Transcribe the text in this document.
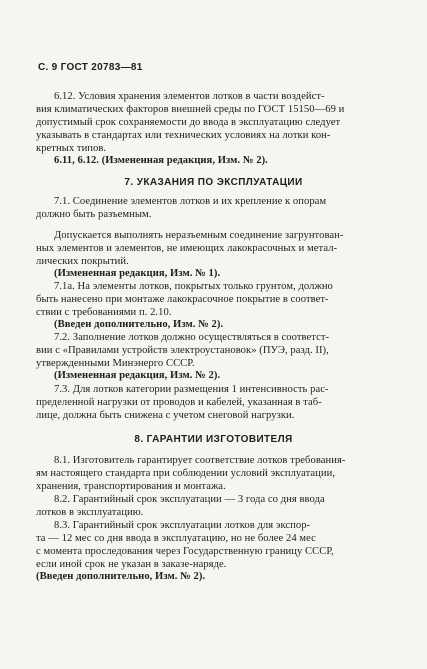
С. 9 ГОСТ 20783—81
6.12. Условия хранения элементов лотков в части воздейст-
вия климатических факторов внешней среды по ГОСТ 15150—69 и
допустимый срок сохраняемости до ввода в эксплуатацию следует
указывать в стандартах или технических условиях на лотки кон-
кретных типов.
6.11, 6.12. (Измененная редакция, Изм. № 2).
7. УКАЗАНИЯ ПО ЭКСПЛУАТАЦИИ
7.1. Соединение элементов лотков и их крепление к опорам
должно быть разъемным.
Допускается выполнять неразъемным соединение загрунтован-
ных элементов и элементов, не имеющих лакокрасочных и метал-
лических покрытий.
(Измененная редакция, Изм. № 1).
7.1а. На элементы лотков, покрытых только грунтом, должно
быть нанесено при монтаже лакокрасочное покрытие в соответ-
ствии с требованиями п. 2.10.
(Введен дополнительно, Изм. № 2).
7.2. Заполнение лотков должно осуществляться в соответст-
вии с «Правилами устройств электроустановок» (ПУЭ, разд. II),
утвержденными Минэнерго СССР.
(Измененная редакция, Изм. № 2).
7.3. Для лотков категории размещения 1 интенсивность рас-
пределенной нагрузки от проводов и кабелей, указанная в таб-
лице, должна быть снижена с учетом снеговой нагрузки.
8. ГАРАНТИИ ИЗГОТОВИТЕЛЯ
8.1. Изготовитель гарантирует соответствие лотков требования-
ям настоящего стандарта при соблюдении условий эксплуатации,
хранения, транспортирования и монтажа.
8.2. Гарантийный срок эксплуатации — 3 года со дня ввода
лотков в эксплуатацию.
8.3. Гарантийный срок эксплуатации лотков для экспор-
та — 12 мес со дня ввода в эксплуатацию, но не более 24 мес
с момента проследования через Государственную границу СССР,
если иной срок не указан в заказе-наряде.
(Введен дополнительно, Изм. № 2).
